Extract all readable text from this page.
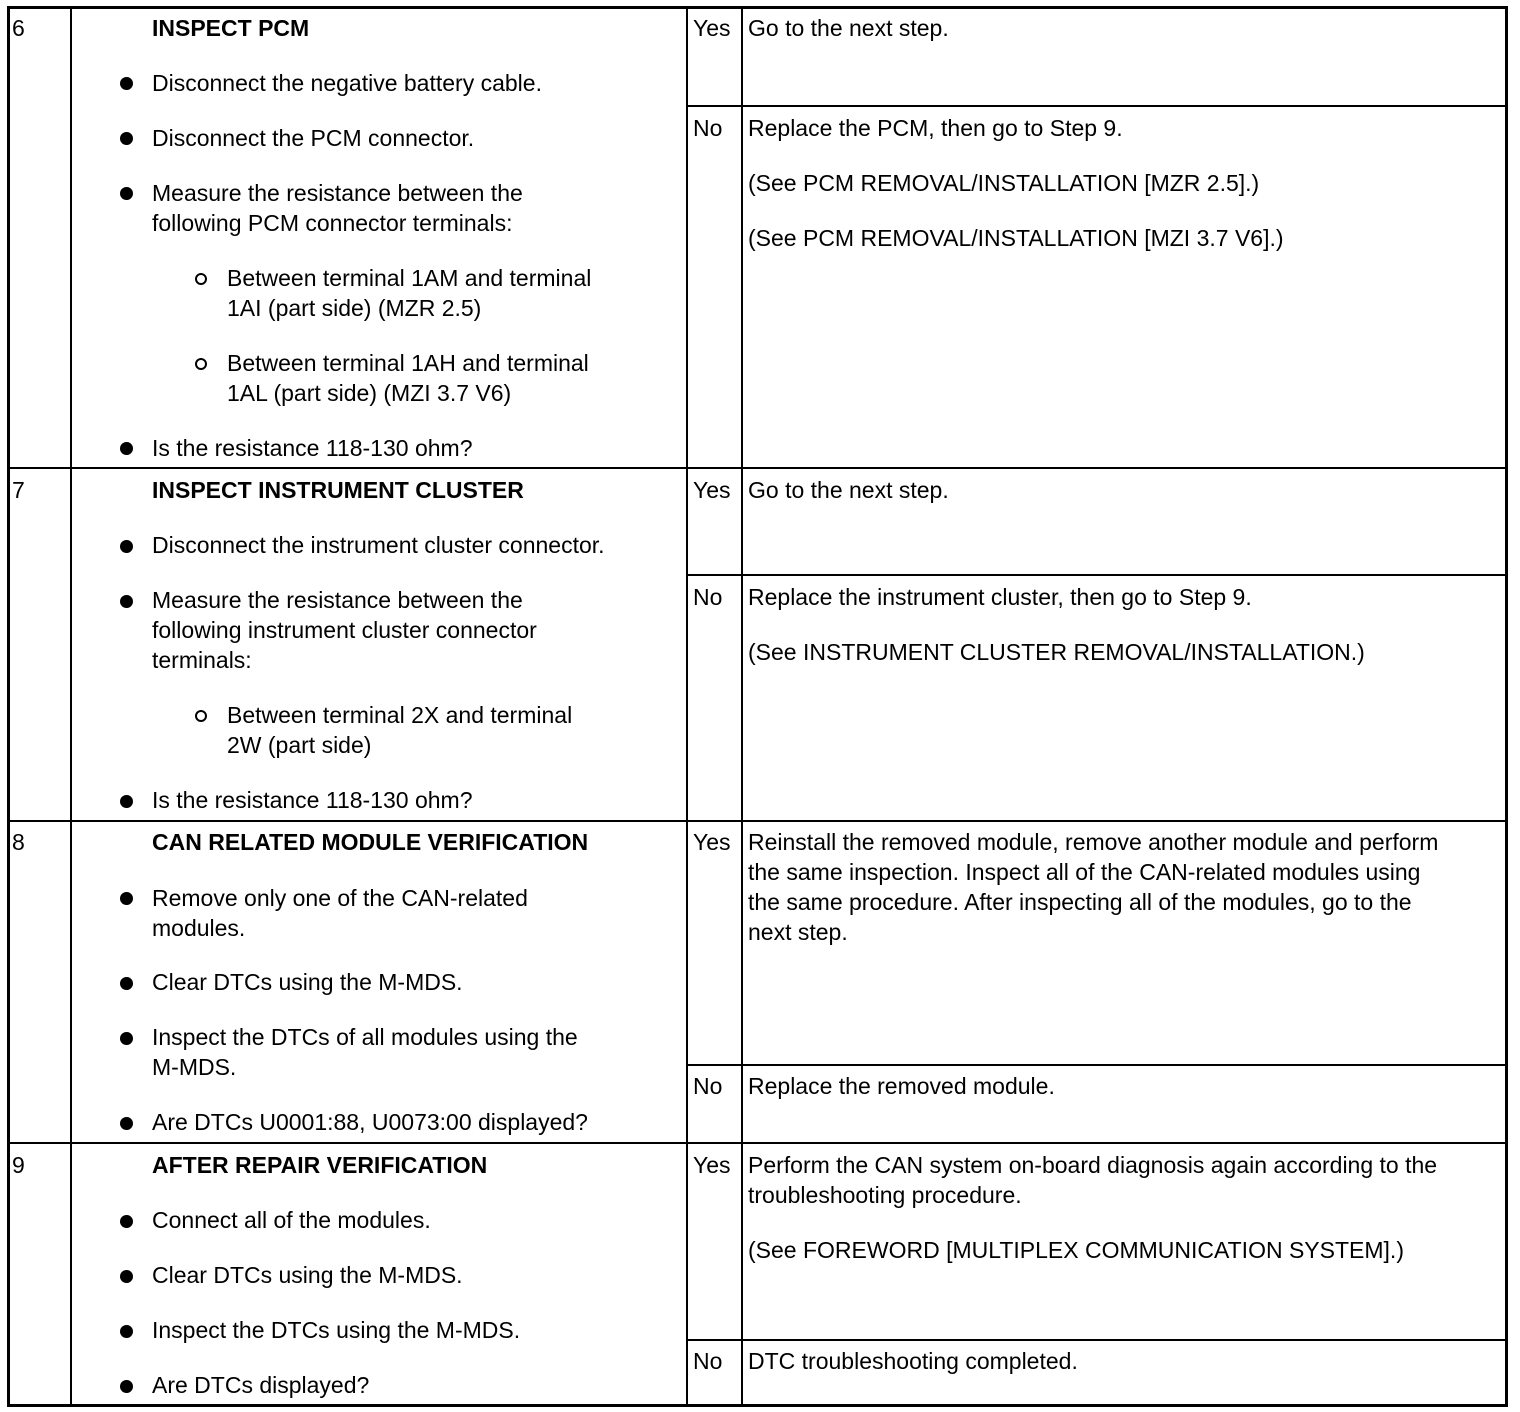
6	INSPECT PCM
Disconnect the negative battery cable.
Disconnect the PCM connector.
Measure the resistance between the
following PCM connector terminals:
Between terminal 1AM and terminal
1AI (part side) (MZR 2.5)
Between terminal 1AH and terminal
1AL (part side) (MZI 3.7 V6)
Is the resistance 118-130 ohm?
Yes Go to the next step.
No Replace the PCM, then go to Step 9.
(See PCM REMOVAL/INSTALLATION [MZR 2.5].)
(See PCM REMOVAL/INSTALLATION [MZI 3.7 V6].)
7	INSPECT INSTRUMENT CLUSTER
Disconnect the instrument cluster connector.
Measure the resistance between the
following instrument cluster connector
terminals:
Between terminal 2X and terminal
2W (part side)
Is the resistance 118-130 ohm?
Yes Go to the next step.
No Replace the instrument cluster, then go to Step 9.
(See INSTRUMENT CLUSTER REMOVAL/INSTALLATION.)
8	CAN RELATED MODULE VERIFICATION
Remove only one of the CAN-related
modules.
Clear DTCs using the M-MDS.
Inspect the DTCs of all modules using the
M-MDS.
Are DTCs U0001:88, U0073:00 displayed?
Yes Reinstall the removed module, remove another module and perform
the same inspection. Inspect all of the CAN-related modules using
the same procedure. After inspecting all of the modules, go to the
next step.
No Replace the removed module.
9	AFTER REPAIR VERIFICATION
Connect all of the modules.
Clear DTCs using the M-MDS.
Inspect the DTCs using the M-MDS.
Are DTCs displayed?
Yes Perform the CAN system on-board diagnosis again according to the
troubleshooting procedure.
(See FOREWORD [MULTIPLEX COMMUNICATION SYSTEM].)
No DTC troubleshooting completed.
